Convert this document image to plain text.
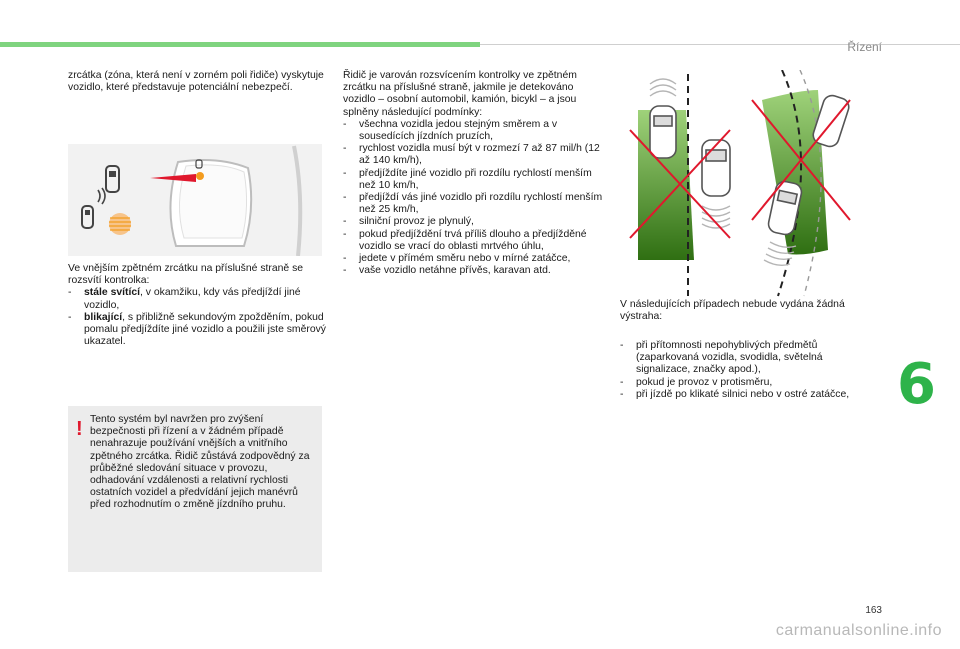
Řízení
6
163
carmanualsonline.info
zrcátka (zóna, která není v zorném poli řidiče) vyskytuje vozidlo, které představuje potenciální nebezpečí.
Ve vnějším zpětném zrcátku na příslušné straně se rozsvítí kontrolka:
- stále svítící, v okamžiku, kdy vás předjíždí jiné vozidlo,
- blikající, s přibližně sekundovým zpožděním, pokud pomalu předjíždíte jiné vozidlo a použili jste směrový ukazatel.
! Tento systém byl navržen pro zvýšení bezpečnosti při řízení a v žádném případě nenahrazuje používání vnějších a vnitřního zpětného zrcátka. Řidič zůstává zodpovědný za průběžné sledování situace v provozu, odhadování vzdálenosti a relativní rychlosti ostatních vozidel a předvídání jejich manévrů před rozhodnutím o změně jízdního pruhu.
Řidič je varován rozsvícením kontrolky ve zpětném zrcátku na příslušné straně, jakmile je detekováno vozidlo – osobní automobil, kamión, bicykl – a jsou splněny následující podmínky:
- všechna vozidla jedou stejným směrem a v sousedících jízdních pruzích,
- rychlost vozidla musí být v rozmezí 7 až 87 mil/h (12 až 140 km/h),
- předjíždíte jiné vozidlo při rozdílu rychlostí menším než 10 km/h,
- předjíždí vás jiné vozidlo při rozdílu rychlostí menším než 25 km/h,
- silniční provoz je plynulý,
- pokud předjíždění trvá příliš dlouho a předjížděné vozidlo se vrací do oblasti mrtvého úhlu,
- jedete v přímém směru nebo v mírné zatáčce,
- vaše vozidlo netáhne přívěs, karavan atd.
V následujících případech nebude vydána žádná výstraha:
- při přítomnosti nepohyblivých předmětů (zaparkovaná vozidla, svodidla, světelná signalizace, značky apod.),
- pokud je provoz v protisměru,
- při jízdě po klikaté silnici nebo v ostré zatáčce,
